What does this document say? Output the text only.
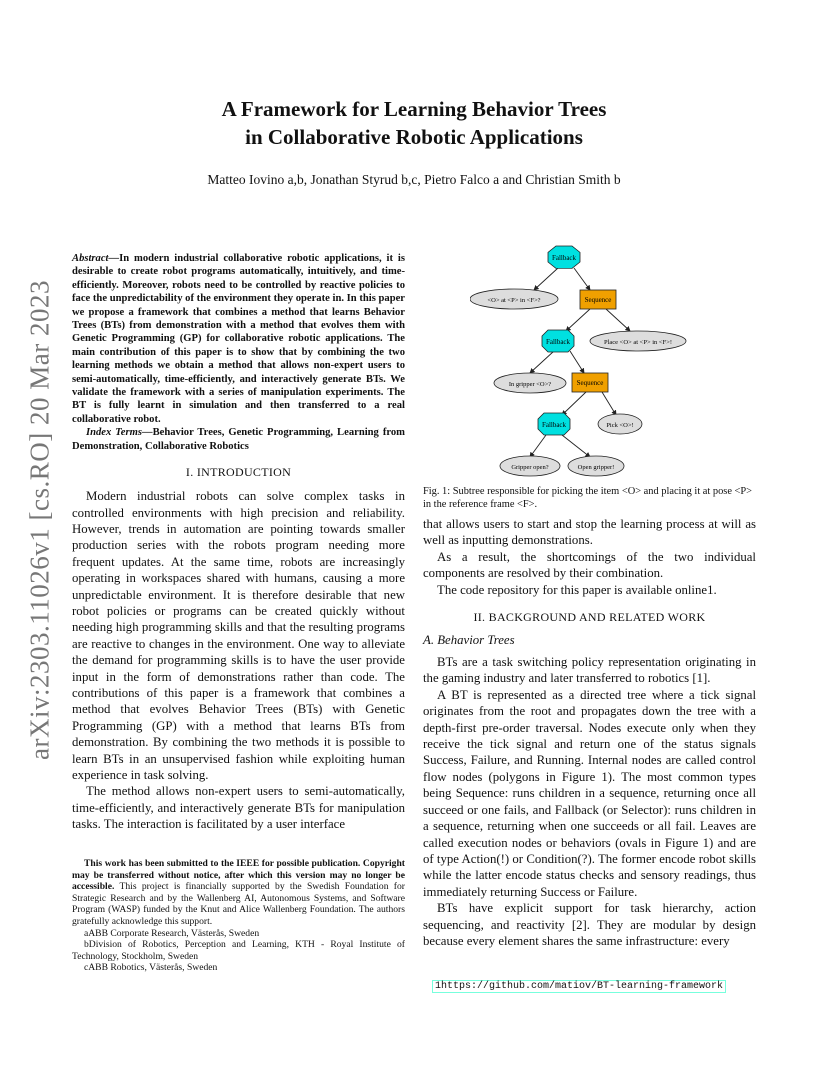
arXiv:2303.11026v1 [cs.RO] 20 Mar 2023
A Framework for Learning Behavior Trees
in Collaborative Robotic Applications
Matteo Iovino a,b, Jonathan Styrud b,c, Pietro Falco a and Christian Smith b
Abstract—In modern industrial collaborative robotic applications, it is desirable to create robot programs automatically, intuitively, and time-efficiently. Moreover, robots need to be controlled by reactive policies to face the unpredictability of the environment they operate in. In this paper we propose a framework that combines a method that learns Behavior Trees (BTs) from demonstration with a method that evolves them with Genetic Programming (GP) for collaborative robotic applications. The main contribution of this paper is to show that by combining the two learning methods we obtain a method that allows non-expert users to semi-automatically, time-efficiently, and interactively generate BTs. We validate the framework with a series of manipulation experiments. The BT is fully learnt in simulation and then transferred to a real collaborative robot.
Index Terms—Behavior Trees, Genetic Programming, Learning from Demonstration, Collaborative Robotics
I. INTRODUCTION

Modern industrial robots can solve complex tasks in controlled environments with high precision and reliability. However, trends in automation are pointing towards smaller production series with the robots program needing more frequent updates. At the same time, robots are increasingly operating in workspaces shared with humans, causing a more unpredictable environment. It is therefore desirable that new robot policies or programs can be created quickly without needing high programming skills and that the resulting programs are reactive to changes in the environment. One way to alleviate the demand for programming skills is to have the user provide input in the form of demonstrations rather than code. The contributions of this paper is a framework that combines a method that evolves Behavior Trees (BTs) with Genetic Programming (GP) with a method that learns BTs from demonstration. By combining the two methods it is possible to learn BTs in an unsupervised fashion while exploiting human experience in task solving.

The method allows non-expert users to semi-automatically, time-efficiently, and interactively generate BTs for manipulation tasks. The interaction is facilitated by a user interface

This work has been submitted to the IEEE for possible publication. Copyright may be transferred without notice, after which this version may no longer be accessible. This project is financially supported by the Swedish Foundation for Strategic Research and by the Wallenberg AI, Autonomous Systems, and Software Program (WASP) funded by the Knut and Alice Wallenberg Foundation. The authors gratefully acknowledge this support.

aABB Corporate Research, Västerås, Sweden

bDivision of Robotics, Perception and Learning, KTH - Royal Institute of Technology, Stockholm, Sweden

cABB Robotics, Västerås, Sweden

Fallback
<O> at <P> in <F>?	Sequence
Fallback	Place <O> at <P> in <F>!
In gripper <O>?	Sequence
Fallback	Pick <O>!
Gripper open?	Open gripper!
Fig. 1: Subtree responsible for picking the item <O> and placing it at pose <P> in the reference frame <F>.

that allows users to start and stop the learning process at will as well as inputting demonstrations.

As a result, the shortcomings of the two individual components are resolved by their combination.

The code repository for this paper is available online1.

II. BACKGROUND AND RELATED WORK
A. Behavior Trees

BTs are a task switching policy representation originating in the gaming industry and later transferred to robotics [1].

A BT is represented as a directed tree where a tick signal originates from the root and propagates down the tree with a depth-first pre-order traversal. Nodes execute only when they receive the tick signal and return one of the status signals Success, Failure, and Running. Internal nodes are called control flow nodes (polygons in Figure 1). The most common types being Sequence: runs children in a sequence, returning once all succeed or one fails, and Fallback (or Selector): runs children in a sequence, returning when one succeeds or all fail. Leaves are called execution nodes or behaviors (ovals in Figure 1) and are of type Action(!) or Condition(?). The former encode robot skills while the latter encode status checks and sensory readings, thus immediately returning Success or Failure.

BTs have explicit support for task hierarchy, action sequencing, and reactivity [2]. They are modular by design because every element shares the same infrastructure: every

1https://github.com/matiov/BT-learning-framework
